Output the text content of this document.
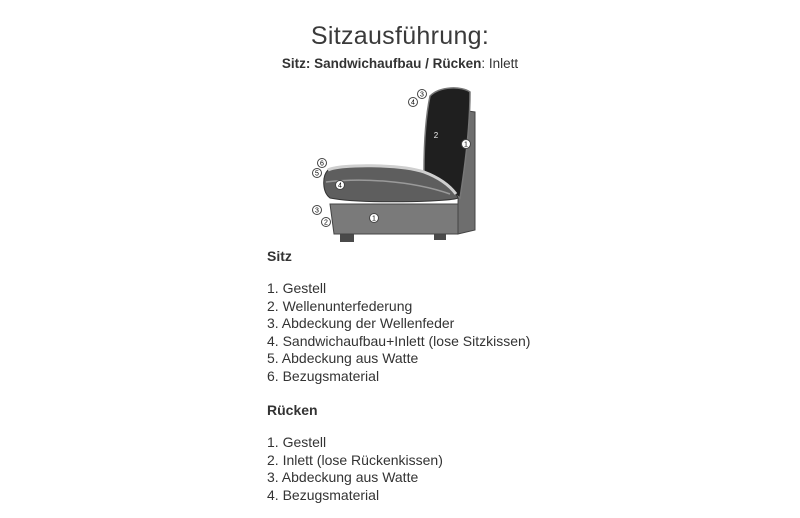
Sitzausführung:
Sitz: Sandwichaufbau / Rücken: Inlett
3
4
2
1
6
5
4
3
2
1
Sitz
1. Gestell
2. Wellenunterfederung
3. Abdeckung der Wellenfeder
4. Sandwichaufbau+Inlett (lose Sitzkissen)
5. Abdeckung aus Watte
6. Bezugsmaterial
Rücken
1. Gestell
2. Inlett (lose Rückenkissen)
3. Abdeckung aus Watte
4. Bezugsmaterial
